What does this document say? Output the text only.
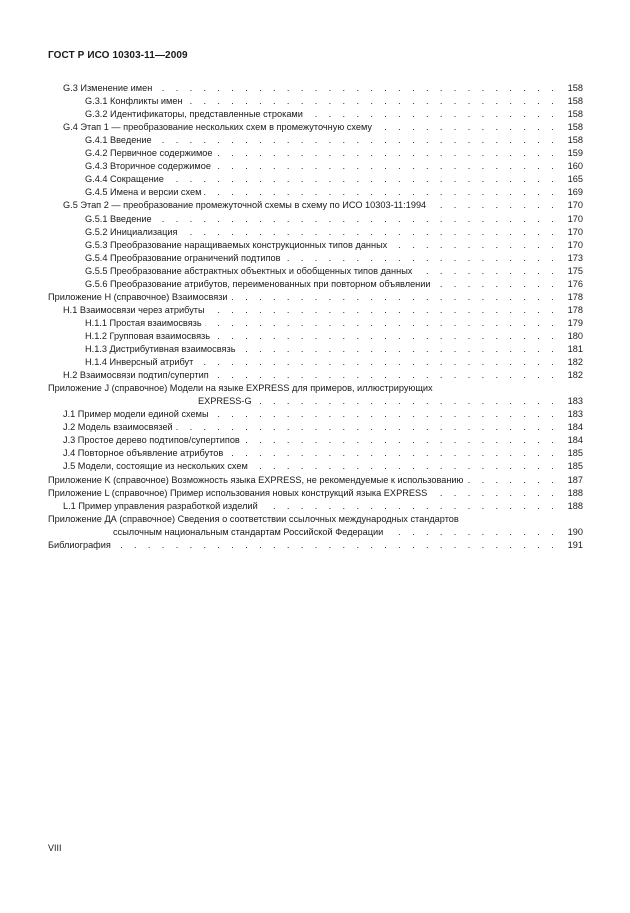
ГОСТ Р ИСО 10303-11—2009
G.3 Изменение имен . . .	158
G.3.1 Конфликты имен . . .	158
G.3.2 Идентификаторы, представленные строками . . .	158
G.4 Этап 1 — преобразование нескольких схем в промежуточную схему . . .	158
G.4.1 Введение . . .	158
G.4.2 Первичное содержимое . . .	159
G.4.3 Вторичное содержимое . . .	160
G.4.4 Сокращение . . .	165
G.4.5 Имена и версии схем . . .	169
G.5 Этап 2 — преобразование промежуточной схемы в схему по ИСО 10303-11:1994 . . .	170
G.5.1 Введение . . .	170
G.5.2 Инициализация . . .	170
G.5.3 Преобразование наращиваемых конструкционных типов данных . . .	170
G.5.4 Преобразование ограничений подтипов . . .	173
G.5.5 Преобразование абстрактных объектных и обобщенных типов данных . . .	175
G.5.6 Преобразование атрибутов, переименованных при повторном объявлении . . .	176
Приложение Н (справочное) Взаимосвязи . . .	178
Н.1 Взаимосвязи через атрибуты . . .	178
Н.1.1 Простая взаимосвязь . . .	179
Н.1.2 Групповая взаимосвязь . . .	180
Н.1.3 Дистрибутивная взаимосвязь . . .	181
Н.1.4 Инверсный атрибут . . .	182
Н.2 Взаимосвязи подтип/супертип . . .	182
Приложение J (справочное) Модели на языке EXPRESS для примеров, иллюстрирующих
EXPRESS-G . . .	183
J.1 Пример модели единой схемы . . .	183
J.2 Модель взаимосвязей . . .	184
J.3 Простое дерево подтипов/супертипов . . .	184
J.4 Повторное объявление атрибутов . . .	185
J.5 Модели, состоящие из нескольких схем . . .	185
Приложение K (справочное) Возможность языка EXPRESS, не рекомендуемые к использованию . . .	187
Приложение L (справочное) Пример использования новых конструкций языка EXPRESS . . .	188
L.1 Пример управления разработкой изделий . . .	188
Приложение ДА (справочное) Сведения о соответствии ссылочных международных стандартов
ссылочным национальным стандартам Российской Федерации . . .	190
Библиография . . .	191
VIII
